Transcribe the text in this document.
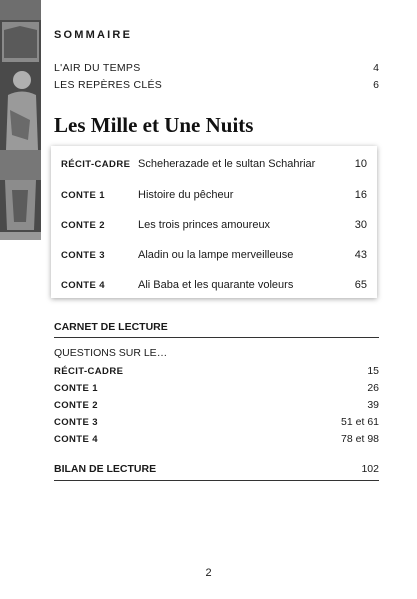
SOMMAIRE
L'AIR DU TEMPS	4
LES REPÈRES CLÉS	6
Les Mille et Une Nuits
RÉCIT-CADRE Scheherazade et le sultan Schahriar	10
CONTE 1	Histoire du pêcheur	16
CONTE 2	Les trois princes amoureux	30
CONTE 3	Aladin ou la lampe merveilleuse	43
CONTE 4	Ali Baba et les quarante voleurs	65
CARNET DE LECTURE
QUESTIONS SUR LE…
RÉCIT-CADRE	15
CONTE 1	26
CONTE 2	39
CONTE 3	51 et 61
CONTE 4	78 et 98
BILAN DE LECTURE	102
2
